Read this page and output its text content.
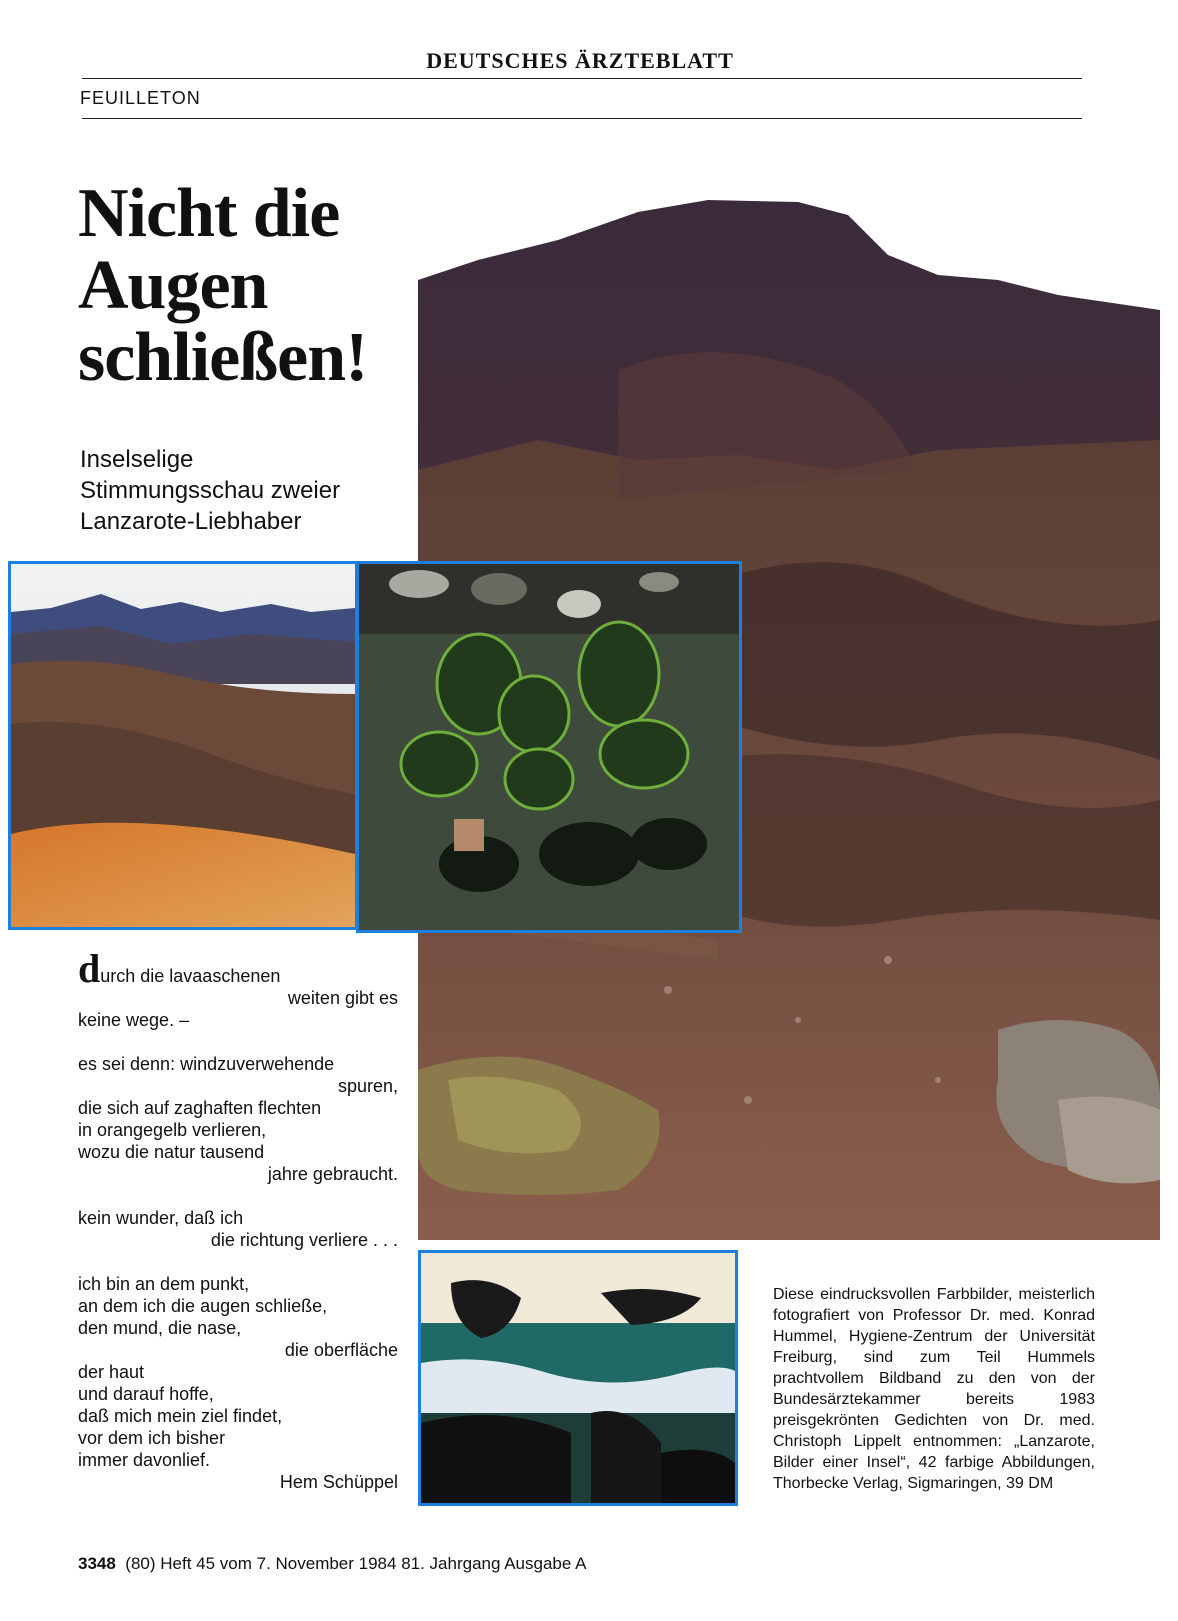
DEUTSCHES ÄRZTEBLATT
FEUILLETON
Nicht die
Augen
schließen!
Inselselige
Stimmungsschau zweier
Lanzarote-Liebhaber
durch die lavaaschenen
weiten gibt es
keine wege. –
es sei denn: windzuverwehende
spuren,
die sich auf zaghaften flechten
in orangegelb verlieren,
wozu die natur tausend
jahre gebraucht.
kein wunder, daß ich
die richtung verliere . . .
ich bin an dem punkt,
an dem ich die augen schließe,
den mund, die nase,
die oberfläche
der haut
und darauf hoffe,
daß mich mein ziel findet,
vor dem ich bisher
immer davonlief.
Hem Schüppel
Diese eindrucksvollen Farbbilder, meisterlich fotografiert von Professor Dr. med. Konrad Hummel, Hygiene-Zentrum der Universität Freiburg, sind zum Teil Hummels prachtvollem Bildband zu den von der Bundesärztekammer bereits 1983 preisgekrönten Gedichten von Dr. med. Christoph Lippelt entnommen: „Lanzarote, Bilder einer Insel“, 42 farbige Abbildungen, Thorbecke Verlag, Sigmaringen, 39 DM
3348 (80) Heft 45 vom 7. November 1984 81. Jahrgang Ausgabe A
